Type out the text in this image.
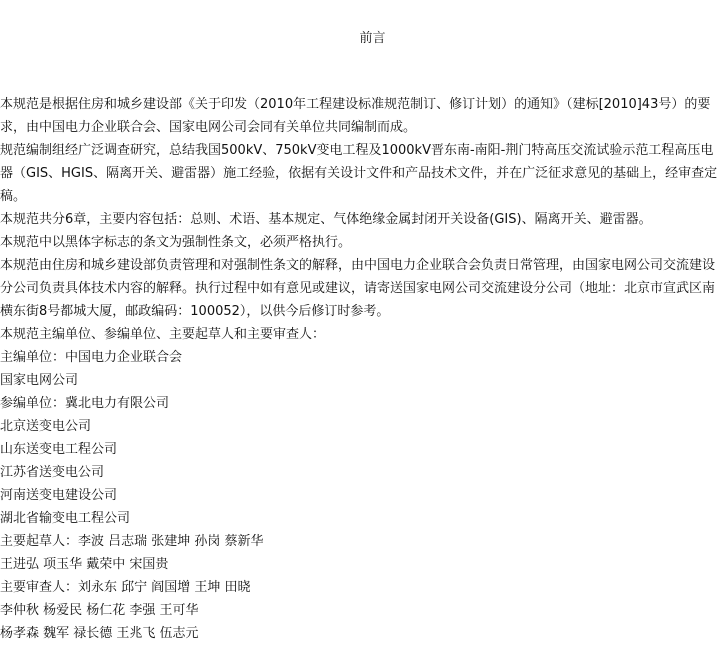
前言

本规范是根据住房和城乡建设部《关于印发（2010年工程建设标准规范制订、修订计划）的通知》（建标[2010]43号）的要求，由中国电力企业联合会、国家电网公司会同有关单位共同编制而成。

规范编制组经广泛调查研究，总结我国500kV、750kV变电工程及1000kV晋东南-南阳-荆门特高压交流试验示范工程高压电器（GIS、HGIS、隔离开关、避雷器）施工经验，依据有关设计文件和产品技术文件，并在广泛征求意见的基础上，经审查定稿。

本规范共分6章，主要内容包括：总则、术语、基本规定、气体绝缘金属封闭开关设备(GIS)、隔离开关、避雷器。

本规范中以黑体字标志的条文为强制性条文，必须严格执行。

本规范由住房和城乡建设部负责管理和对强制性条文的解释，由中国电力企业联合会负责日常管理，由国家电网公司交流建设分公司负责具体技术内容的解释。执行过程中如有意见或建议，请寄送国家电网公司交流建设分公司（地址：北京市宣武区南横东街8号都城大厦，邮政编码：100052），以供今后修订时参考。

本规范主编单位、参编单位、主要起草人和主要审查人：

主编单位：中国电力企业联合会

国家电网公司

参编单位：冀北电力有限公司

北京送变电公司

山东送变电工程公司

江苏省送变电公司

河南送变电建设公司

湖北省输变电工程公司

主要起草人：李波 吕志瑞 张建坤 孙岗 蔡新华

王进弘 项玉华 戴荣中 宋国贵

主要审查人：刘永东 邱宁 阎国增 王坤 田晓

李仲秋 杨爱民 杨仁花 李强 王可华

杨孝森 魏军 禄长德 王兆飞 伍志元
